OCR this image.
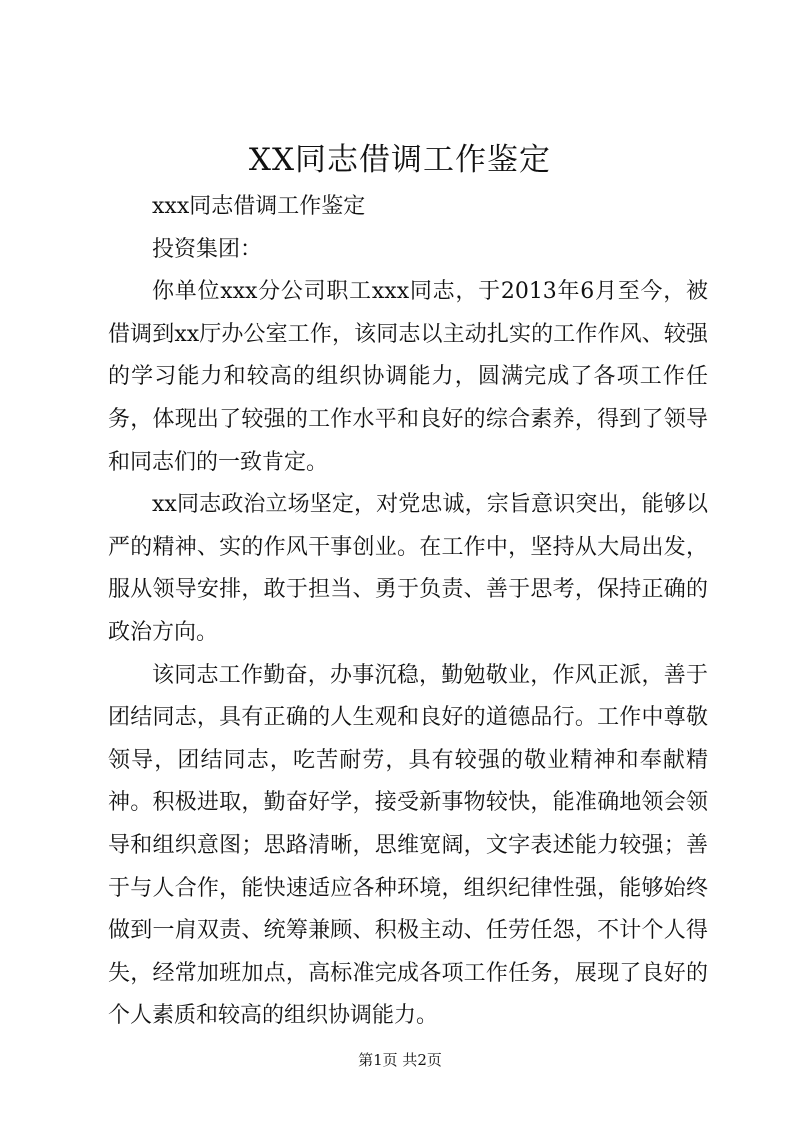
XX同志借调工作鉴定

xxx同志借调工作鉴定

投资集团：

你单位xxx分公司职工xxx同志，于2013年6月至今，被借调到xx厅办公室工作，该同志以主动扎实的工作作风、较强的学习能力和较高的组织协调能力，圆满完成了各项工作任务，体现出了较强的工作水平和良好的综合素养，得到了领导和同志们的一致肯定。

xx同志政治立场坚定，对党忠诚，宗旨意识突出，能够以严的精神、实的作风干事创业。在工作中，坚持从大局出发，服从领导安排，敢于担当、勇于负责、善于思考，保持正确的政治方向。

该同志工作勤奋，办事沉稳，勤勉敬业，作风正派，善于团结同志，具有正确的人生观和良好的道德品行。工作中尊敬领导，团结同志，吃苦耐劳，具有较强的敬业精神和奉献精神。积极进取，勤奋好学，接受新事物较快，能准确地领会领导和组织意图；思路清晰，思维宽阔，文字表述能力较强；善于与人合作，能快速适应各种环境，组织纪律性强，能够始终做到一肩双责、统筹兼顾、积极主动、任劳任怨，不计个人得失，经常加班加点，高标准完成各项工作任务，展现了良好的个人素质和较高的组织协调能力。

第1页 共2页
